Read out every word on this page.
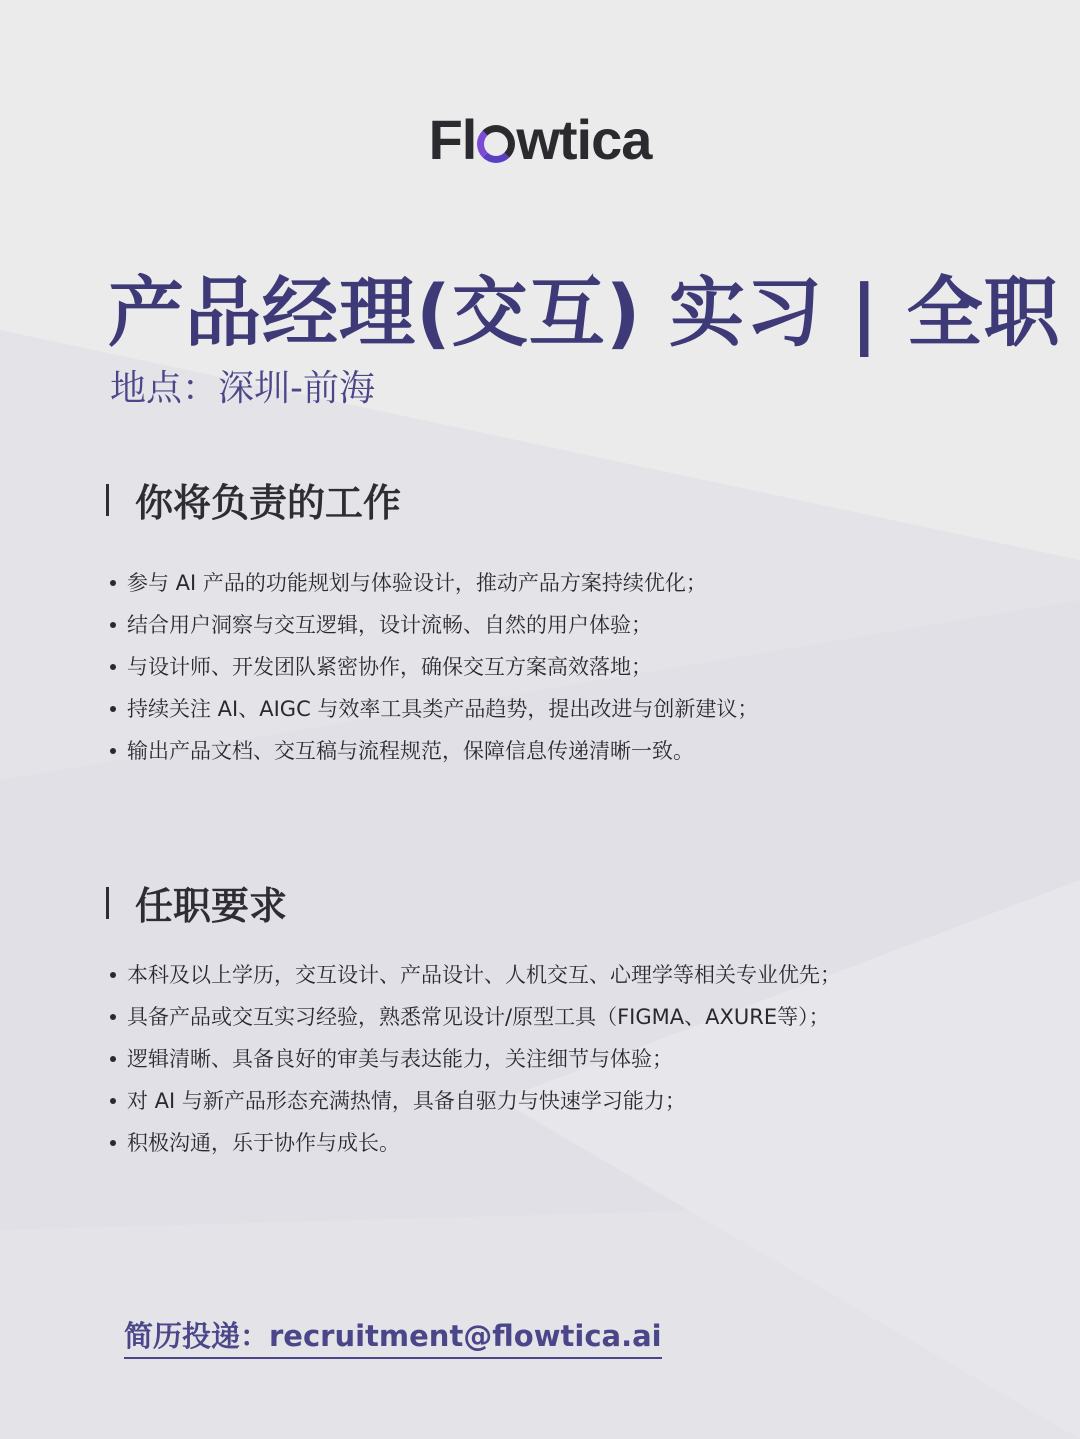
Fl wtica
产品经理(交互) 实习 | 全职
地点：深圳-前海
你将负责的工作
参与 AI 产品的功能规划与体验设计，推动产品方案持续优化；
结合用户洞察与交互逻辑，设计流畅、自然的用户体验；
与设计师、开发团队紧密协作，确保交互方案高效落地；
持续关注 AI、AIGC 与效率工具类产品趋势，提出改进与创新建议；
输出产品文档、交互稿与流程规范，保障信息传递清晰一致。
任职要求
本科及以上学历，交互设计、产品设计、人机交互、心理学等相关专业优先；
具备产品或交互实习经验，熟悉常见设计/原型工具（FIGMA、AXURE等）；
逻辑清晰、具备良好的审美与表达能力，关注细节与体验；
对 AI 与新产品形态充满热情，具备自驱力与快速学习能力；
积极沟通，乐于协作与成长。
简历投递：recruitment@flowtica.ai
